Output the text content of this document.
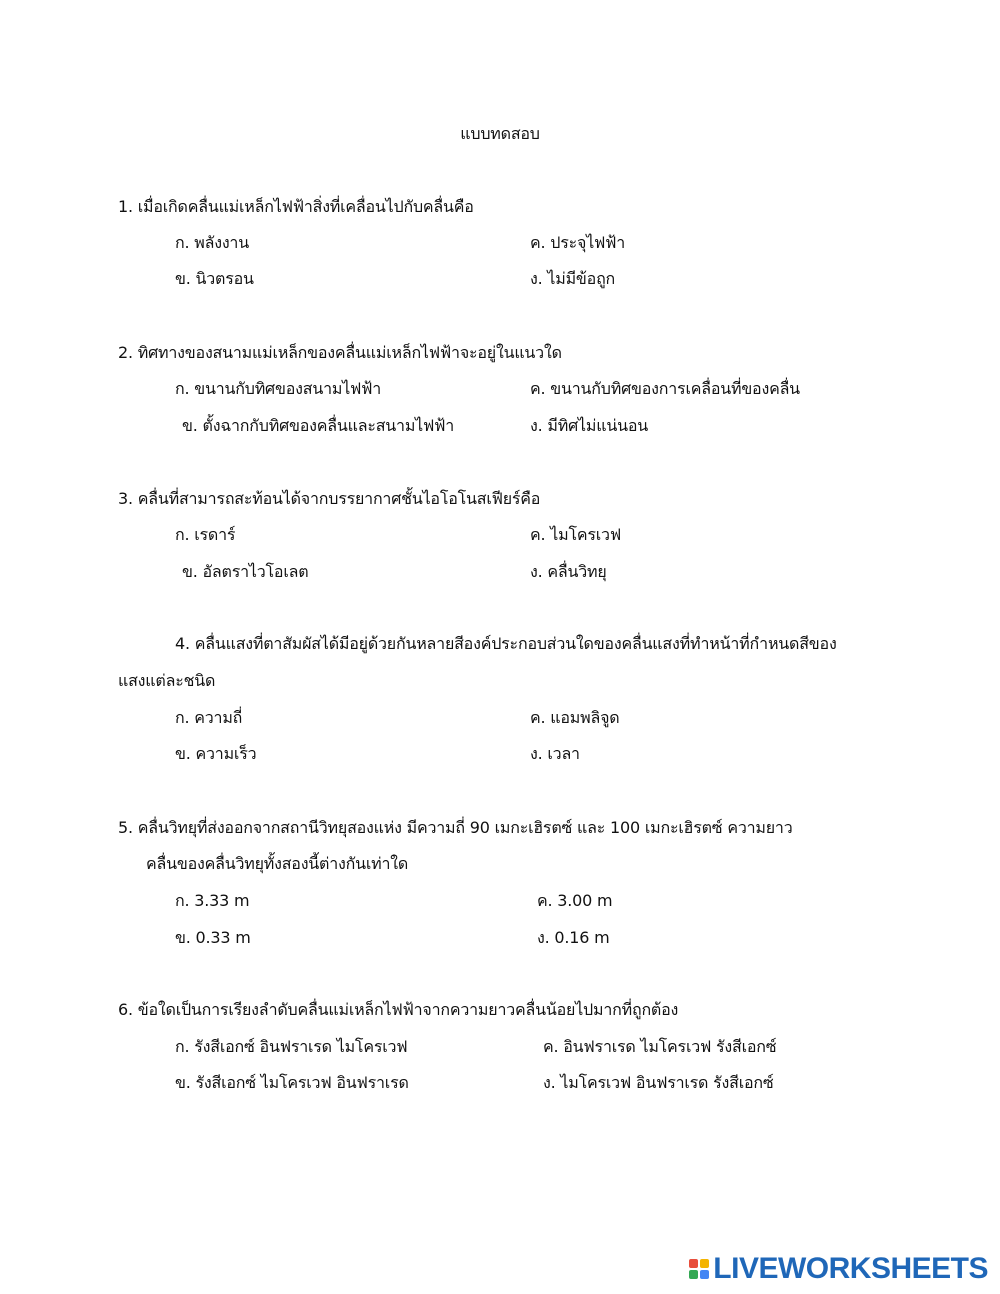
แบบทดสอบ
1. เมื่อเกิดคลื่นแม่เหล็กไฟฟ้าสิ่งที่เคลื่อนไปกับคลื่นคือ
ก. พลังงาน	ค. ประจุไฟฟ้า
ข. นิวตรอน	ง. ไม่มีข้อถูก
2. ทิศทางของสนามแม่เหล็กของคลื่นแม่เหล็กไฟฟ้าจะอยู่ในแนวใด
ก. ขนานกับทิศของสนามไฟฟ้า	ค. ขนานกับทิศของการเคลื่อนที่ของคลื่น
ข. ตั้งฉากกับทิศของคลื่นและสนามไฟฟ้า	ง. มีทิศไม่แน่นอน
3. คลื่นที่สามารถสะท้อนได้จากบรรยากาศชั้นไอโอโนสเฟียร์คือ
ก. เรดาร์	ค. ไมโครเวฟ
ข. อัลตราไวโอเลต	ง. คลื่นวิทยุ
4. คลื่นแสงที่ตาสัมผัสได้มีอยู่ด้วยกันหลายสีองค์ประกอบส่วนใดของคลื่นแสงที่ทำหน้าที่กำหนดสีของ
แสงแต่ละชนิด
ก. ความถี่	ค. แอมพลิจูด
ข. ความเร็ว	ง. เวลา
5. คลื่นวิทยุที่ส่งออกจากสถานีวิทยุสองแห่ง มีความถี่ 90 เมกะเฮิรตซ์ และ 100 เมกะเฮิรตซ์ ความยาว
คลื่นของคลื่นวิทยุทั้งสองนี้ต่างกันเท่าใด
ก. 3.33 m	ค. 3.00 m
ข. 0.33 m	ง. 0.16 m
6. ข้อใดเป็นการเรียงลำดับคลื่นแม่เหล็กไฟฟ้าจากความยาวคลื่นน้อยไปมากที่ถูกต้อง
ก. รังสีเอกซ์ อินฟราเรด ไมโครเวฟ	ค. อินฟราเรด ไมโครเวฟ รังสีเอกซ์
ข. รังสีเอกซ์ ไมโครเวฟ อินฟราเรด	ง. ไมโครเวฟ อินฟราเรด รังสีเอกซ์
LIVEWORKSHEETS
